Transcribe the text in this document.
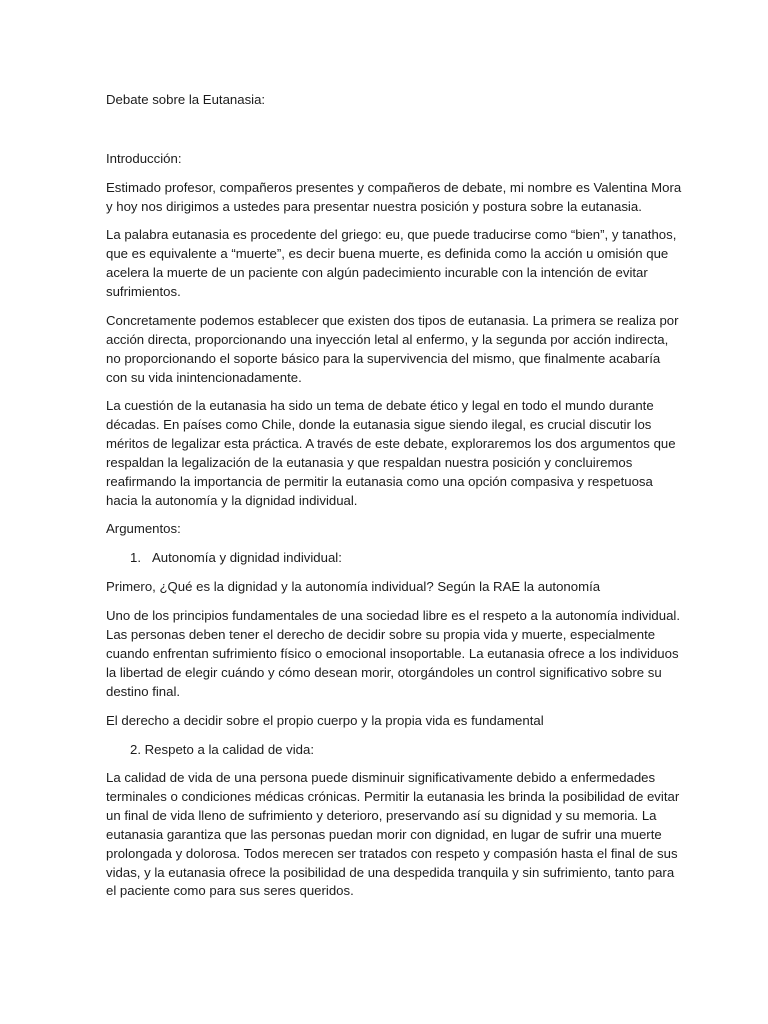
Debate sobre la Eutanasia:

Introducción:

Estimado profesor, compañeros presentes y compañeros de debate, mi nombre es Valentina Mora
y hoy nos dirigimos a ustedes para presentar nuestra posición y postura sobre la eutanasia.
La palabra eutanasia es procedente del griego: eu, que puede traducirse como “bien”, y tanathos,
que es equivalente a “muerte”, es decir buena muerte, es definida como la acción u omisión que
acelera la muerte de un paciente con algún padecimiento incurable con la intención de evitar
sufrimientos.
Concretamente podemos establecer que existen dos tipos de eutanasia. La primera se realiza por
acción directa, proporcionando una inyección letal al enfermo, y la segunda por acción indirecta,
no proporcionando el soporte básico para la supervivencia del mismo, que finalmente acabaría
con su vida inintencionadamente.
La cuestión de la eutanasia ha sido un tema de debate ético y legal en todo el mundo durante
décadas. En países como Chile, donde la eutanasia sigue siendo ilegal, es crucial discutir los
méritos de legalizar esta práctica. A través de este debate, exploraremos los dos argumentos que
respaldan la legalización de la eutanasia y que respaldan nuestra posición y concluiremos
reafirmando la importancia de permitir la eutanasia como una opción compasiva y respetuosa
hacia la autonomía y la dignidad individual.

Argumentos:

1. Autonomía y dignidad individual:

Primero, ¿Qué es la dignidad y la autonomía individual? Según la RAE la autonomía

Uno de los principios fundamentales de una sociedad libre es el respeto a la autonomía individual.
Las personas deben tener el derecho de decidir sobre su propia vida y muerte, especialmente
cuando enfrentan sufrimiento físico o emocional insoportable. La eutanasia ofrece a los individuos
la libertad de elegir cuándo y cómo desean morir, otorgándoles un control significativo sobre su
destino final.

El derecho a decidir sobre el propio cuerpo y la propia vida es fundamental

2. Respeto a la calidad de vida:

La calidad de vida de una persona puede disminuir significativamente debido a enfermedades
terminales o condiciones médicas crónicas. Permitir la eutanasia les brinda la posibilidad de evitar
un final de vida lleno de sufrimiento y deterioro, preservando así su dignidad y su memoria. La
eutanasia garantiza que las personas puedan morir con dignidad, en lugar de sufrir una muerte
prolongada y dolorosa. Todos merecen ser tratados con respeto y compasión hasta el final de sus
vidas, y la eutanasia ofrece la posibilidad de una despedida tranquila y sin sufrimiento, tanto para
el paciente como para sus seres queridos.
